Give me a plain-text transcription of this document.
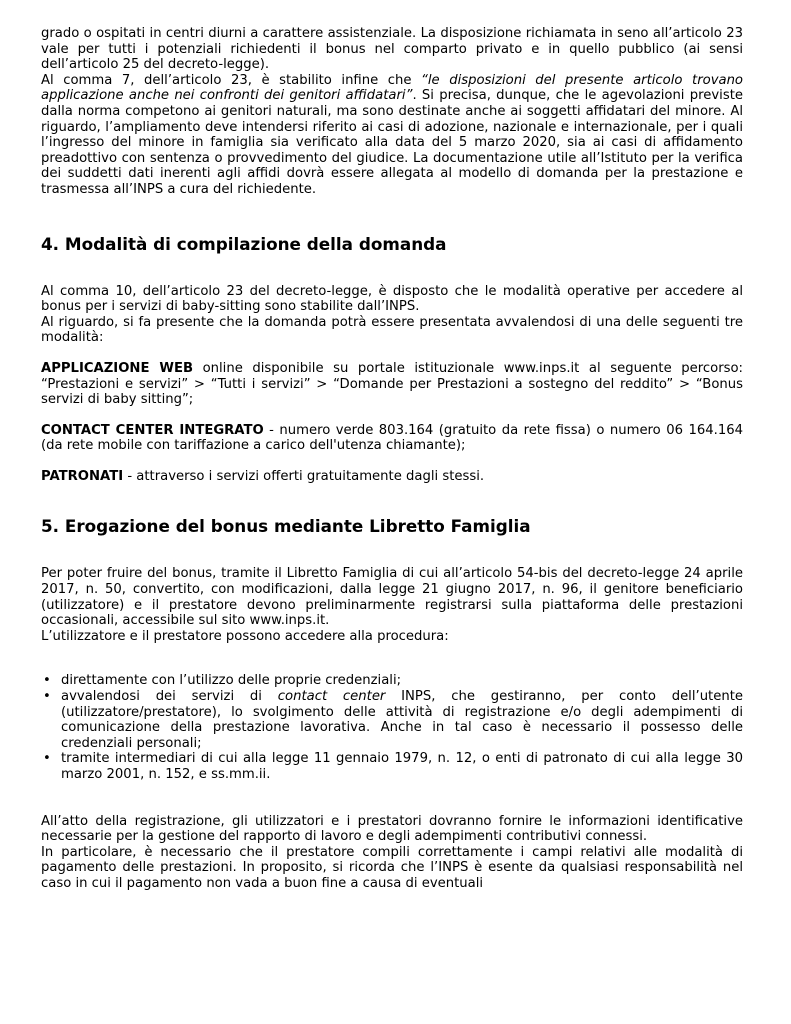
grado o ospitati in centri diurni a carattere assistenziale. La disposizione richiamata in seno all’articolo 23 vale per tutti i potenziali richiedenti il bonus nel comparto privato e in quello pubblico (ai sensi dell’articolo 25 del decreto-legge).

Al comma 7, dell’articolo 23, è stabilito infine che “le disposizioni del presente articolo trovano applicazione anche nei confronti dei genitori affidatari”. Si precisa, dunque, che le agevolazioni previste dalla norma competono ai genitori naturali, ma sono destinate anche ai soggetti affidatari del minore. Al riguardo, l’ampliamento deve intendersi riferito ai casi di adozione, nazionale e internazionale, per i quali l’ingresso del minore in famiglia sia verificato alla data del 5 marzo 2020, sia ai casi di affidamento preadottivo con sentenza o provvedimento del giudice. La documentazione utile all’Istituto per la verifica dei suddetti dati inerenti agli affidi dovrà essere allegata al modello di domanda per la prestazione e trasmessa all’INPS a cura del richiedente.

4. Modalità di compilazione della domanda

Al comma 10, dell’articolo 23 del decreto-legge, è disposto che le modalità operative per accedere al bonus per i servizi di baby-sitting sono stabilite dall’INPS.

Al riguardo, si fa presente che la domanda potrà essere presentata avvalendosi di una delle seguenti tre modalità:

APPLICAZIONE WEB online disponibile su portale istituzionale www.inps.it al seguente percorso: “Prestazioni e servizi” > “Tutti i servizi” > “Domande per Prestazioni a sostegno del reddito” > “Bonus servizi di baby sitting”;

CONTACT CENTER INTEGRATO - numero verde 803.164 (gratuito da rete fissa) o numero 06 164.164 (da rete mobile con tariffazione a carico dell'utenza chiamante);

PATRONATI - attraverso i servizi offerti gratuitamente dagli stessi.

5. Erogazione del bonus mediante Libretto Famiglia

Per poter fruire del bonus, tramite il Libretto Famiglia di cui all’articolo 54-bis del decreto-legge 24 aprile 2017, n. 50, convertito, con modificazioni, dalla legge 21 giugno 2017, n. 96, il genitore beneficiario (utilizzatore) e il prestatore devono preliminarmente registrarsi sulla piattaforma delle prestazioni occasionali, accessibile sul sito www.inps.it.

L’utilizzatore e il prestatore possono accedere alla procedura:

• direttamente con l’utilizzo delle proprie credenziali;
• avvalendosi dei servizi di contact center INPS, che gestiranno, per conto dell’utente (utilizzatore/prestatore), lo svolgimento delle attività di registrazione e/o degli adempimenti di comunicazione della prestazione lavorativa. Anche in tal caso è necessario il possesso delle credenziali personali;
• tramite intermediari di cui alla legge 11 gennaio 1979, n. 12, o enti di patronato di cui alla legge 30 marzo 2001, n. 152, e ss.mm.ii.

All’atto della registrazione, gli utilizzatori e i prestatori dovranno fornire le informazioni identificative necessarie per la gestione del rapporto di lavoro e degli adempimenti contributivi connessi.

In particolare, è necessario che il prestatore compili correttamente i campi relativi alle modalità di pagamento delle prestazioni. In proposito, si ricorda che l’INPS è esente da qualsiasi responsabilità nel caso in cui il pagamento non vada a buon fine a causa di eventuali
